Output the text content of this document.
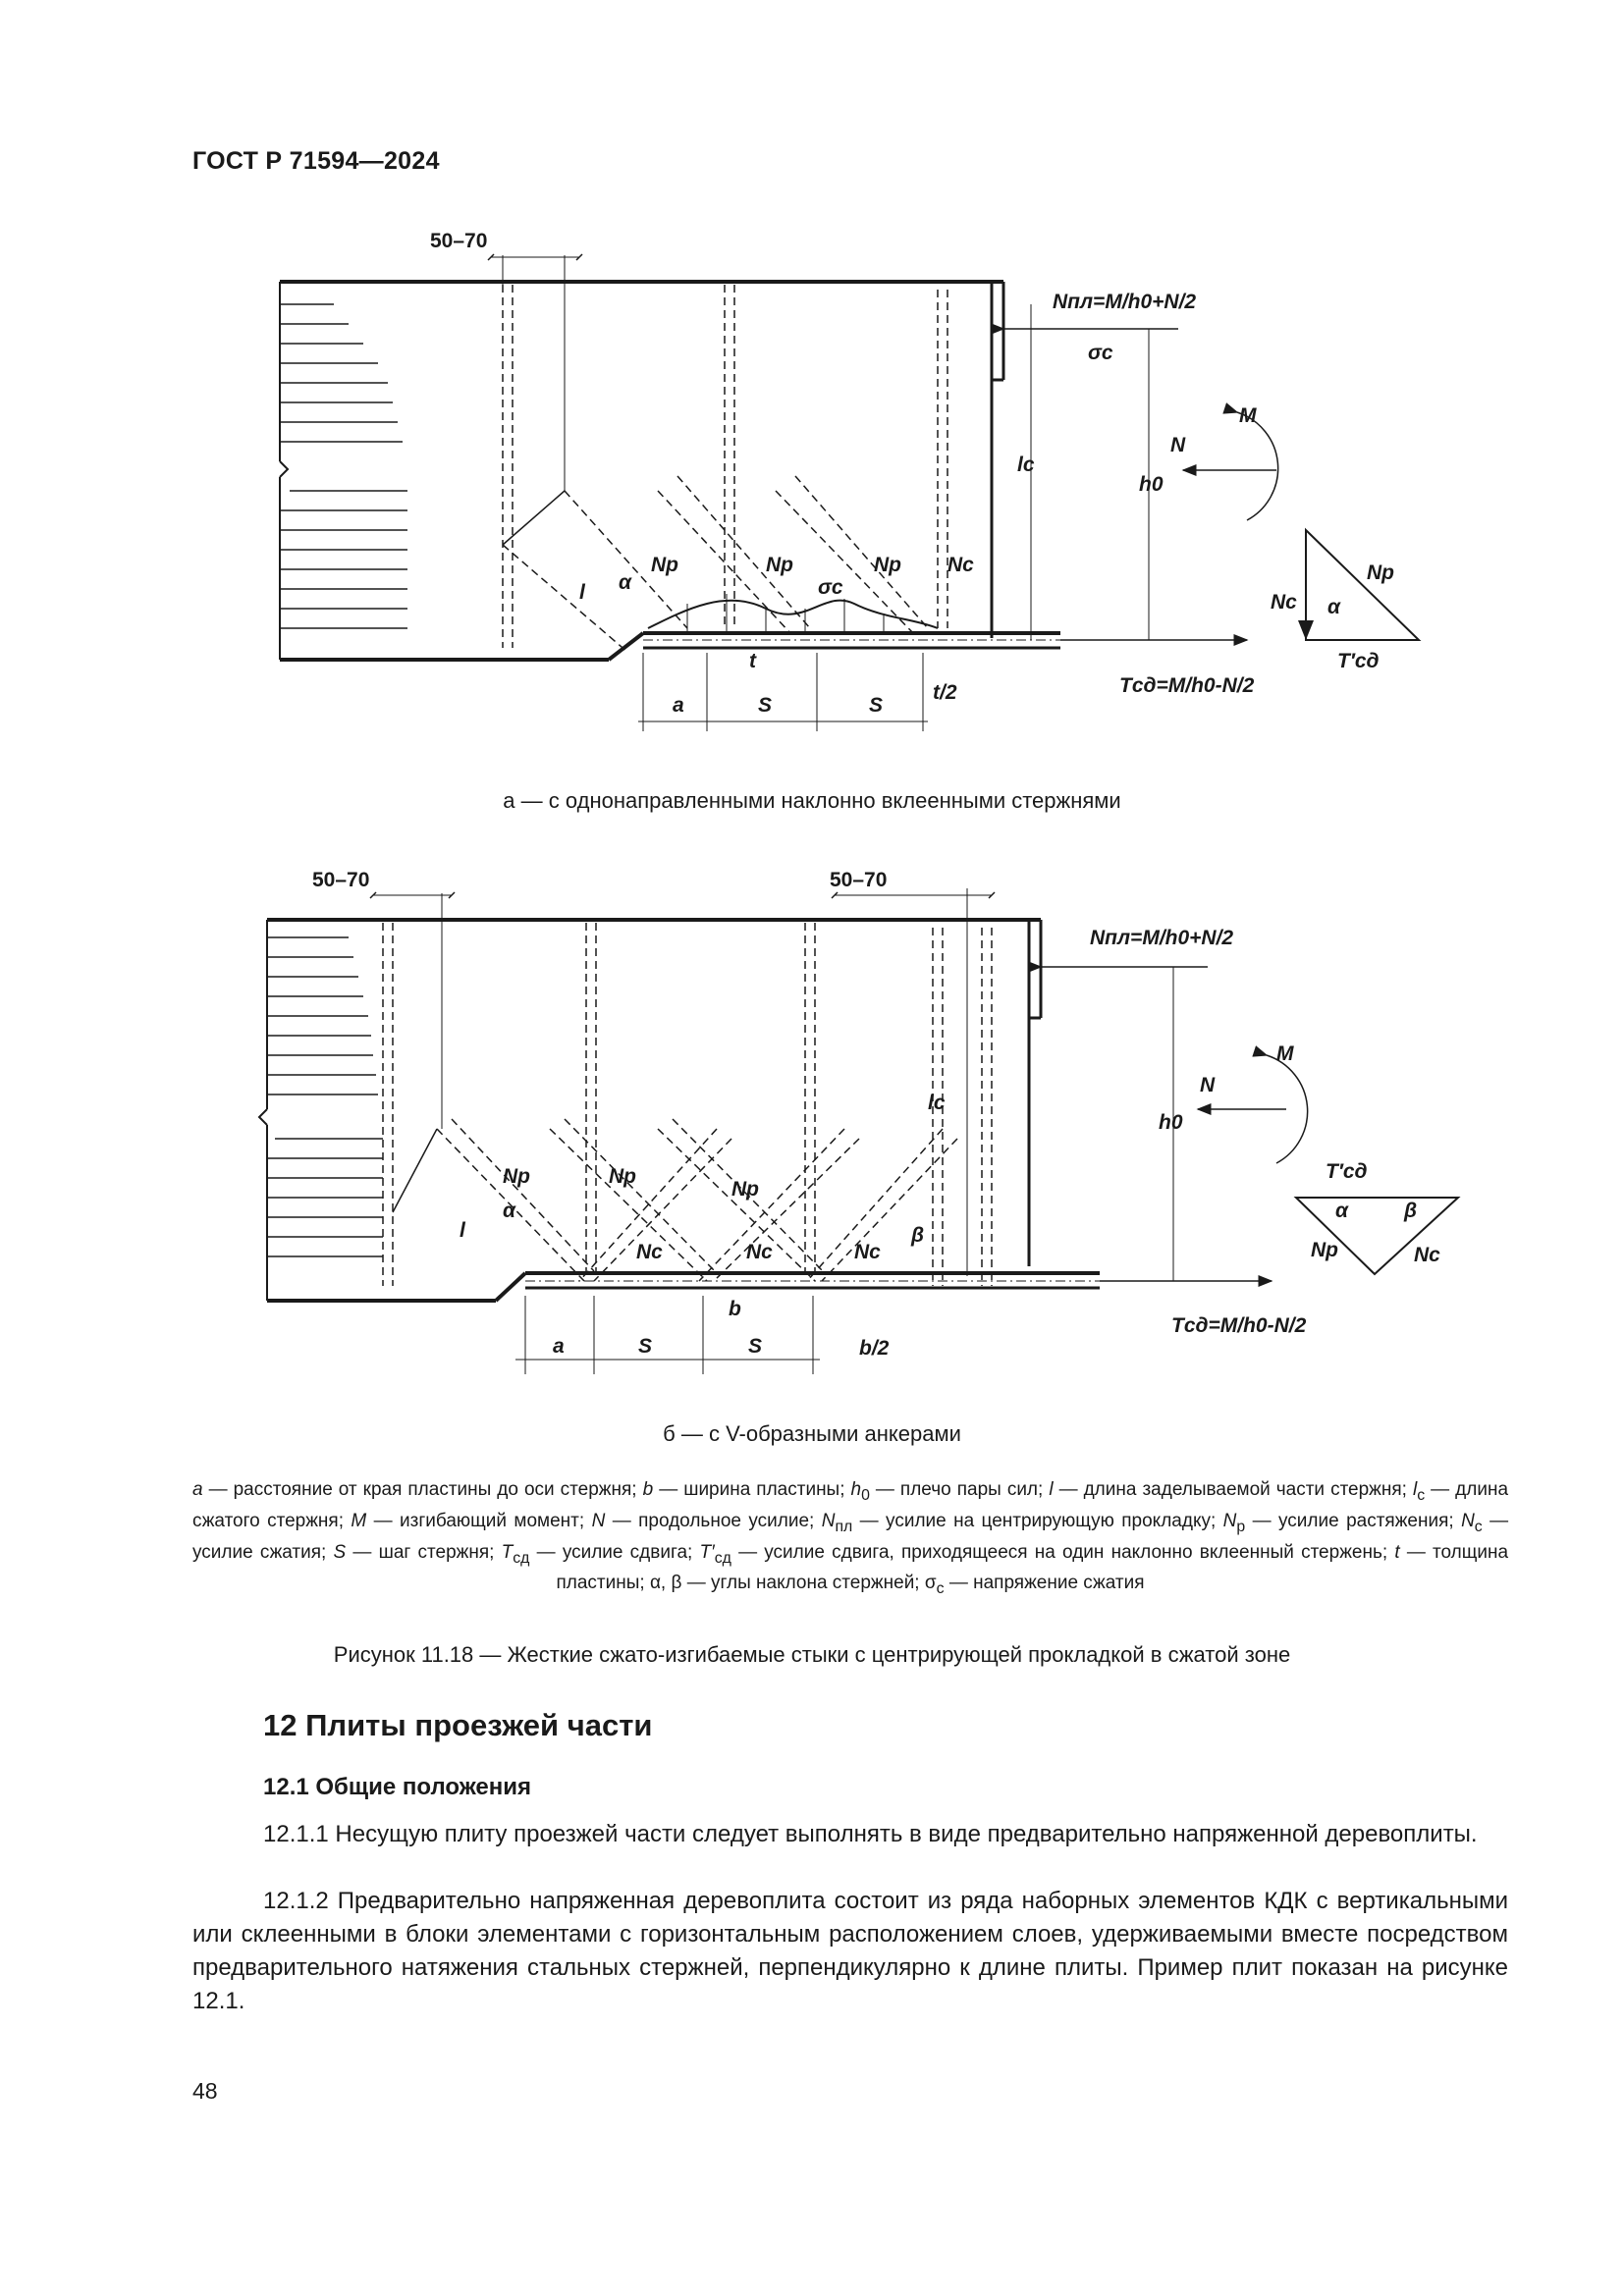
ГОСТ Р 71594—2024
50–70
Nпл=M/h0+N/2
σc
M
N
h0
lc
l α
Np	Np	Np Nc
σc
Np
Nc α
T′сд
t
t/2
a	S	S
Tсд=M/h0-N/2
а — с однонаправленными наклонно вклеенными стержнями
50–70	50–70
Nпл=M/h0+N/2
M
N
h0
lc
l
α
Np	Np
Np
Nc	Nc	Nc
β
T′сд
α	β
Np	Nc
b
b/2
a	S	S
Tсд=M/h0-N/2
б — с V-образными анкерами
a — расстояние от края пластины до оси стержня; b — ширина пластины; $h_0$ — плечо пары сил; l — длина заделываемой части стержня; $l_c$ — длина сжатого стержня; M — изгибающий момент; N — продольное усилие; $N_{пл}$ — усилие на центрирующую прокладку; $N_р$ — усилие растяжения; $N_с$ — усилие сжатия; S — шаг стержня; $T_{сд}$ — усилие сдвига; $T'_{сд}$ — усилие сдвига, приходящееся на один наклонно вклеенный стержень; t — толщина пластины; α, β — углы наклона стержней; $\sigma_с$ — напряжение сжатия
Рисунок 11.18 — Жесткие сжато-изгибаемые стыки с центрирующей прокладкой в сжатой зоне
12 Плиты проезжей части
12.1 Общие положения
12.1.1 Несущую плиту проезжей части следует выполнять в виде предварительно напряженной деревоплиты.
12.1.2 Предварительно напряженная деревоплита состоит из ряда наборных элементов КДК с вертикальными или склеенными в блоки элементами с горизонтальным расположением слоев, удерживаемыми вместе посредством предварительного натяжения стальных стержней, перпендикулярно к длине плиты. Пример плит показан на рисунке 12.1.
48
